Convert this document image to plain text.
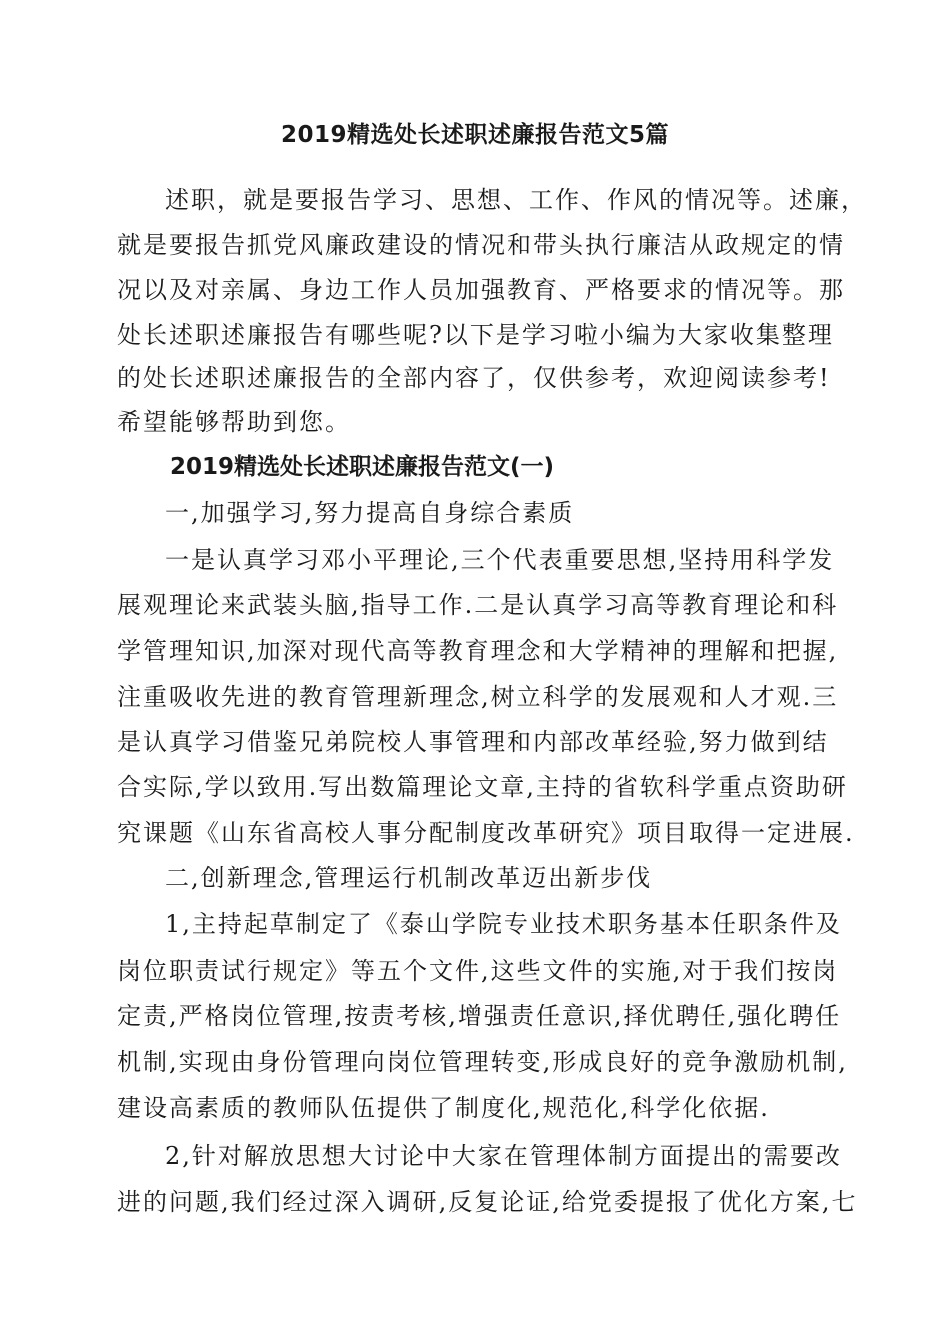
2019精选处长述职述廉报告范文5篇
述职，就是要报告学习、思想、工作、作风的情况等。述廉，
就是要报告抓党风廉政建设的情况和带头执行廉洁从政规定的情
况以及对亲属、身边工作人员加强教育、严格要求的情况等。那
处长述职述廉报告有哪些呢?以下是学习啦小编为大家收集整理
的处长述职述廉报告的全部内容了，仅供参考，欢迎阅读参考!
希望能够帮助到您。
2019精选处长述职述廉报告范文(一)
一,加强学习,努力提高自身综合素质
一是认真学习邓小平理论,三个代表重要思想,坚持用科学发
展观理论来武装头脑,指导工作.二是认真学习高等教育理论和科
学管理知识,加深对现代高等教育理念和大学精神的理解和把握,
注重吸收先进的教育管理新理念,树立科学的发展观和人才观.三
是认真学习借鉴兄弟院校人事管理和内部改革经验,努力做到结
合实际,学以致用.写出数篇理论文章,主持的省软科学重点资助研
究课题《山东省高校人事分配制度改革研究》项目取得一定进展.
二,创新理念,管理运行机制改革迈出新步伐
1,主持起草制定了《泰山学院专业技术职务基本任职条件及
岗位职责试行规定》等五个文件,这些文件的实施,对于我们按岗
定责,严格岗位管理,按责考核,增强责任意识,择优聘任,强化聘任
机制,实现由身份管理向岗位管理转变,形成良好的竞争激励机制,
建设高素质的教师队伍提供了制度化,规范化,科学化依据.
2,针对解放思想大讨论中大家在管理体制方面提出的需要改
进的问题,我们经过深入调研,反复论证,给党委提报了优化方案,七
